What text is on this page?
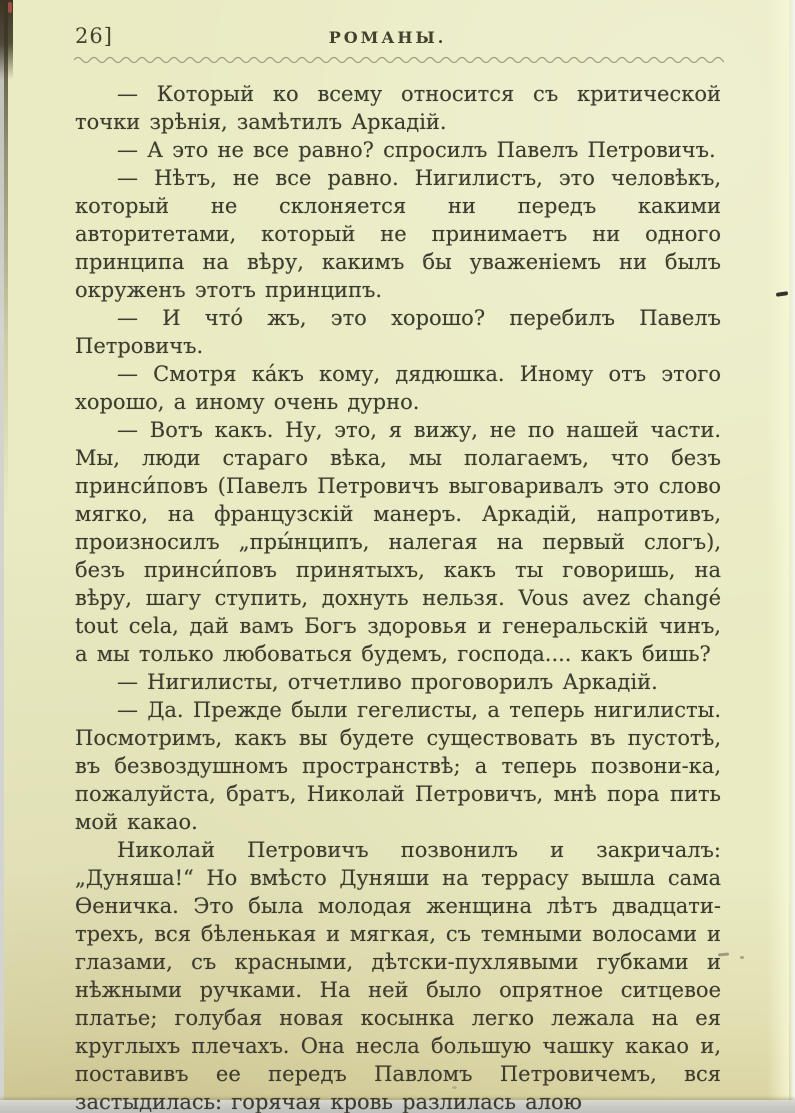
26]	РОМАНЫ.

— Который ко всему относится съ критической точки зрѣнія, замѣтилъ Аркадій.

— А это не все равно? спросилъ Павелъ Петровичъ.

— Нѣтъ, не все равно. Нигилистъ, это человѣкъ, который не склоняется ни передъ какими авторитетами, который не принимаетъ ни одного принципа на вѣру, какимъ бы уваженіемъ ни былъ окруженъ этотъ принципъ.

— И чтó жъ, это хорошо? перебилъ Павелъ Петровичъ.

— Смотря кáкъ кому, дядюшка. Иному отъ этого хорошо, а иному очень дурно.

— Вотъ какъ. Ну, это, я вижу, не по нашей части. Мы, люди стараго вѣка, мы полагаемъ, что безъ принси́повъ (Павелъ Петровичъ выговаривалъ это слово мягко, на французскій манеръ. Аркадій, напротивъ, произносилъ „пры́нципъ, налегая на первый слогъ), безъ принси́повъ принятыхъ, какъ ты говоришь, на вѣру, шагу ступить, дохнуть нельзя. Vous avez changé tout cela, дай вамъ Богъ здоровья и генеральскій чинъ, а мы только любоваться будемъ, господа.... какъ бишь?

— Нигилисты, отчетливо проговорилъ Аркадій.

— Да. Прежде были гегелисты, а теперь нигилисты. Посмотримъ, какъ вы будете существовать въ пустотѣ, въ безвоздушномъ пространствѣ; а теперь позвони-ка, пожалуйста, братъ, Николай Петровичъ, мнѣ пора пить мой какао.

Николай Петровичъ позвонилъ и закричалъ: „Дуняша!“ Но вмѣсто Дуняши на террасу вышла сама Ѳеничка. Это была молодая женщина лѣтъ двадцати-трехъ, вся бѣленькая и мягкая, съ темными волосами и глазами, съ красными, дѣтски-пухлявыми губками и нѣжными ручками. На ней было опрятное ситцевое платье; голубая новая косынка легко лежала на ея круглыхъ плечахъ. Она несла большую чашку какао и, поставивъ ее передъ Павломъ Петровичемъ, вся застыдилась: горячая кровь разлилась алою
